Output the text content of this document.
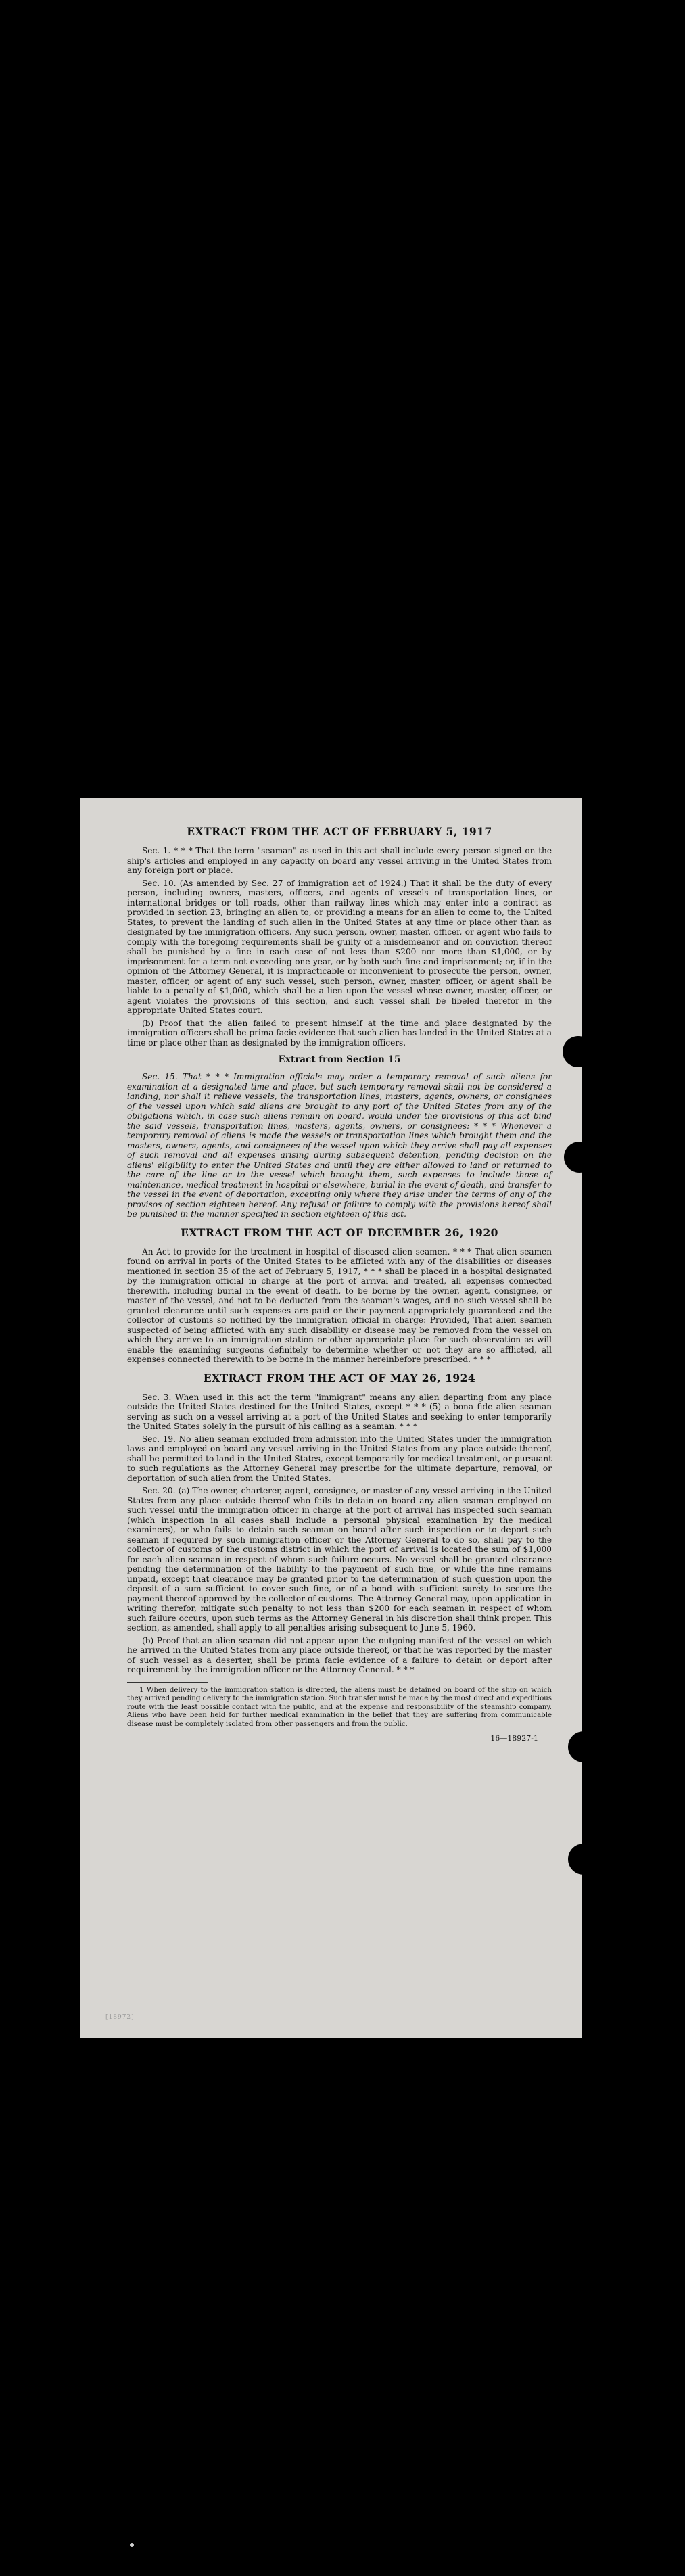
EXTRACT FROM THE ACT OF FEBRUARY 5, 1917

Sec. 1. * * * That the term "seaman" as used in this act shall include every person signed on the ship's articles and employed in any capacity on board any vessel arriving in the United States from any foreign port or place.

Sec. 10. (As amended by Sec. 27 of immigration act of 1924.) That it shall be the duty of every person, including owners, masters, officers, and agents of vessels of transportation lines, or international bridges or toll roads, other than railway lines which may enter into a contract as provided in section 23, bringing an alien to, or providing a means for an alien to come to, the United States, to prevent the landing of such alien in the United States at any time or place other than as designated by the immigration officers. Any such person, owner, master, officer, or agent who fails to comply with the foregoing requirements shall be guilty of a misdemeanor and on conviction thereof shall be punished by a fine in each case of not less than $200 nor more than $1,000, or by imprisonment for a term not exceeding one year, or by both such fine and imprisonment; or, if in the opinion of the Attorney General, it is impracticable or inconvenient to prosecute the person, owner, master, officer, or agent of any such vessel, such person, owner, master, officer, or agent shall be liable to a penalty of $1,000, which shall be a lien upon the vessel whose owner, master, officer, or agent violates the provisions of this section, and such vessel shall be libeled therefor in the appropriate United States court.

(b) Proof that the alien failed to present himself at the time and place designated by the immigration officers shall be prima facie evidence that such alien has landed in the United States at a time or place other than as designated by the immigration officers.

Extract from Section 15

Sec. 15. That * * * Immigration officials may order a temporary removal of such aliens for examination at a designated time and place, but such temporary removal shall not be considered a landing, nor shall it relieve vessels, the transportation lines, masters, agents, owners, or consignees of the vessel upon which said aliens are brought to any port of the United States from any of the obligations which, in case such aliens remain on board, would under the provisions of this act bind the said vessels, transportation lines, masters, agents, owners, or consignees: * * * Whenever a temporary removal of aliens is made the vessels or transportation lines which brought them and the masters, owners, agents, and consignees of the vessel upon which they arrive shall pay all expenses of such removal and all expenses arising during subsequent detention, pending decision on the aliens' eligibility to enter the United States and until they are either allowed to land or returned to the care of the line or to the vessel which brought them, such expenses to include those of maintenance, medical treatment in hospital or elsewhere, burial in the event of death, and transfer to the vessel in the event of deportation, excepting only where they arise under the terms of any of the provisos of section eighteen hereof. Any refusal or failure to comply with the provisions hereof shall be punished in the manner specified in section eighteen of this act.

EXTRACT FROM THE ACT OF DECEMBER 26, 1920

An Act to provide for the treatment in hospital of diseased alien seamen. * * * That alien seamen found on arrival in ports of the United States to be afflicted with any of the disabilities or diseases mentioned in section 35 of the act of February 5, 1917, * * * shall be placed in a hospital designated by the immigration official in charge at the port of arrival and treated, all expenses connected therewith, including burial in the event of death, to be borne by the owner, agent, consignee, or master of the vessel, and not to be deducted from the seaman's wages, and no such vessel shall be granted clearance until such expenses are paid or their payment appropriately guaranteed and the collector of customs so notified by the immigration official in charge: Provided, That alien seamen suspected of being afflicted with any such disability or disease may be removed from the vessel on which they arrive to an immigration station or other appropriate place for such observation as will enable the examining surgeons definitely to determine whether or not they are so afflicted, all expenses connected therewith to be borne in the manner hereinbefore prescribed. * * *

EXTRACT FROM THE ACT OF MAY 26, 1924

Sec. 3. When used in this act the term "immigrant" means any alien departing from any place outside the United States destined for the United States, except * * * (5) a bona fide alien seaman serving as such on a vessel arriving at a port of the United States and seeking to enter temporarily the United States solely in the pursuit of his calling as a seaman. * * *

Sec. 19. No alien seaman excluded from admission into the United States under the immigration laws and employed on board any vessel arriving in the United States from any place outside thereof, shall be permitted to land in the United States, except temporarily for medical treatment, or pursuant to such regulations as the Attorney General may prescribe for the ultimate departure, removal, or deportation of such alien from the United States.

Sec. 20. (a) The owner, charterer, agent, consignee, or master of any vessel arriving in the United States from any place outside thereof who fails to detain on board any alien seaman employed on such vessel until the immigration officer in charge at the port of arrival has inspected such seaman (which inspection in all cases shall include a personal physical examination by the medical examiners), or who fails to detain such seaman on board after such inspection or to deport such seaman if required by such immigration officer or the Attorney General to do so, shall pay to the collector of customs of the customs district in which the port of arrival is located the sum of $1,000 for each alien seaman in respect of whom such failure occurs. No vessel shall be granted clearance pending the determination of the liability to the payment of such fine, or while the fine remains unpaid, except that clearance may be granted prior to the determination of such question upon the deposit of a sum sufficient to cover such fine, or of a bond with sufficient surety to secure the payment thereof approved by the collector of customs. The Attorney General may, upon application in writing therefor, mitigate such penalty to not less than $200 for each seaman in respect of whom such failure occurs, upon such terms as the Attorney General in his discretion shall think proper. This section, as amended, shall apply to all penalties arising subsequent to June 5, 1960.

(b) Proof that an alien seaman did not appear upon the outgoing manifest of the vessel on which he arrived in the United States from any place outside thereof, or that he was reported by the master of such vessel as a deserter, shall be prima facie evidence of a failure to detain or deport after requirement by the immigration officer or the Attorney General. * * *

1 When delivery to the immigration station is directed, the aliens must be detained on board of the ship on which they arrived pending delivery to the immigration station. Such transfer must be made by the most direct and expeditious route with the least possible contact with the public, and at the expense and responsibility of the steamship company. Aliens who have been held for further medical examination in the belief that they are suffering from communicable disease must be completely isolated from other passengers and from the public.

16—18927-1
[18972]
